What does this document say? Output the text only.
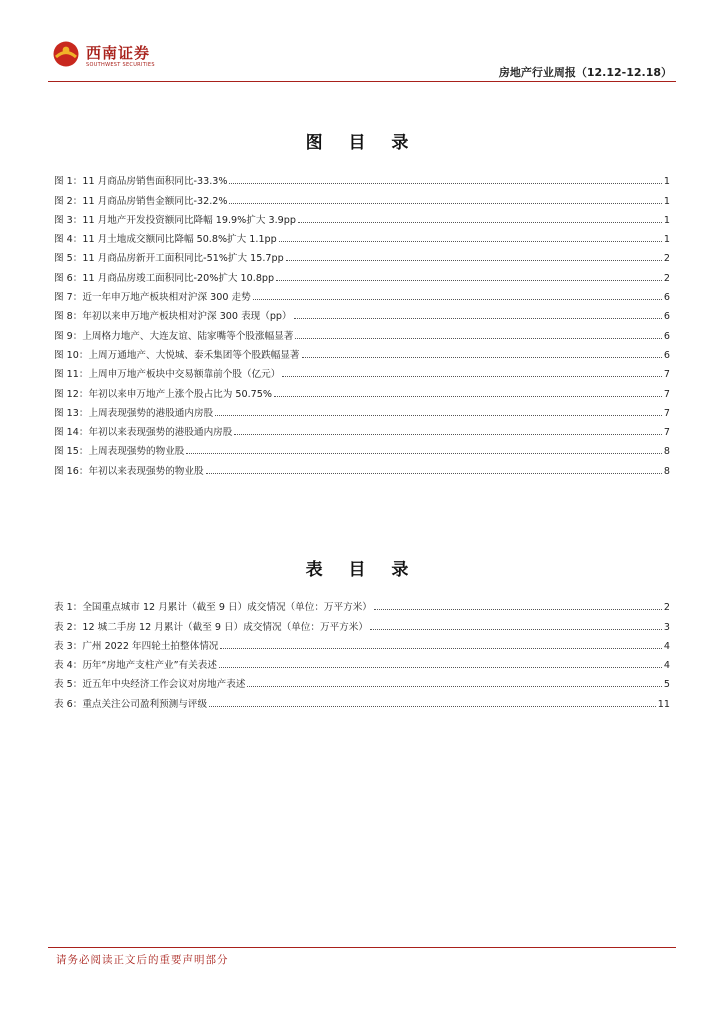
西南证券
SOUTHWEST SECURITIES
房地产行业周报（12.12-12.18）
图 目 录
图 1：11 月商品房销售面积同比-33.3%	1
图 2：11 月商品房销售金额同比-32.2%	1
图 3：11 月地产开发投资额同比降幅 19.9%扩大 3.9pp	1
图 4：11 月土地成交额同比降幅 50.8%扩大 1.1pp	1
图 5：11 月商品房新开工面积同比-51%扩大 15.7pp	2
图 6：11 月商品房竣工面积同比-20%扩大 10.8pp	2
图 7：近一年申万地产板块相对沪深 300 走势	6
图 8：年初以来申万地产板块相对沪深 300 表现（pp）	6
图 9：上周格力地产、大连友谊、陆家嘴等个股涨幅显著	6
图 10：上周万通地产、大悦城、泰禾集团等个股跌幅显著	6
图 11：上周申万地产板块中交易额靠前个股（亿元）	7
图 12：年初以来申万地产上涨个股占比为 50.75%	7
图 13：上周表现强势的港股通内房股	7
图 14：年初以来表现强势的港股通内房股	7
图 15：上周表现强势的物业股	8
图 16：年初以来表现强势的物业股	8
表 目 录
表 1：全国重点城市 12 月累计（截至 9 日）成交情况（单位：万平方米）	2
表 2：12 城二手房 12 月累计（截至 9 日）成交情况（单位：万平方米）	3
表 3：广州 2022 年四轮土拍整体情况	4
表 4：历年“房地产支柱产业”有关表述	4
表 5：近五年中央经济工作会议对房地产表述	5
表 6：重点关注公司盈利预测与评级	11
请务必阅读正文后的重要声明部分
